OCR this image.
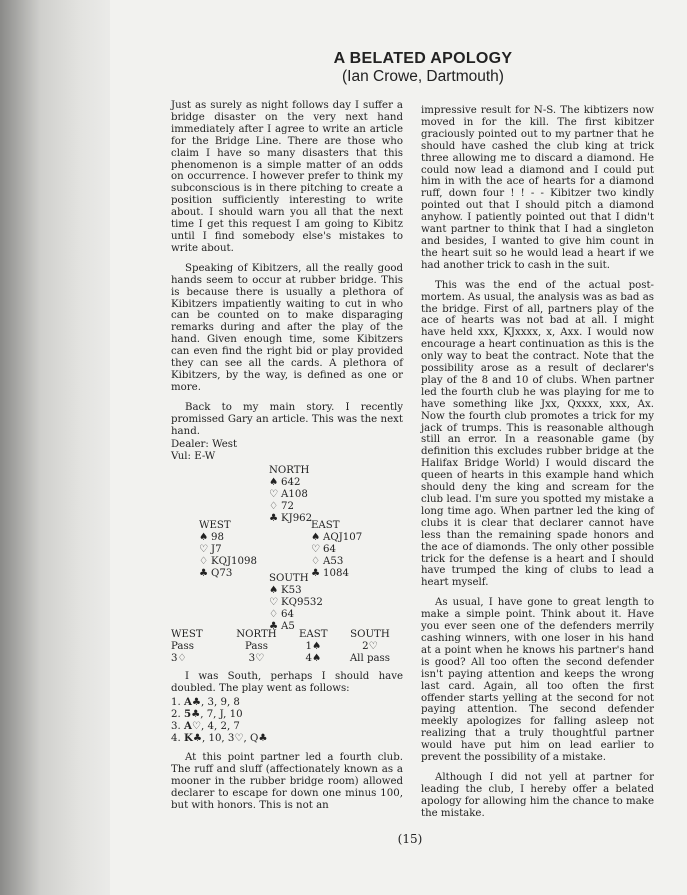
A BELATED APOLOGY
(Ian Crowe, Dartmouth)

Just as surely as night follows day I suffer a bridge disaster on the very next hand immediately after I agree to write an article for the Bridge Line. There are those who claim I have so many disasters that this phenomenon is a simple matter of an odds on occurrence. I however prefer to think my subconscious is in there pitching to create a position sufficiently interesting to write about. I should warn you all that the next time I get this request I am going to Kibitz until I find somebody else's mistakes to write about.

Speaking of Kibitzers, all the really good hands seem to occur at rubber bridge. This is because there is usually a plethora of Kibitzers impatiently waiting to cut in who can be counted on to make disparaging remarks during and after the play of the hand. Given enough time, some Kibitzers can even find the right bid or play provided they can see all the cards. A plethora of Kibitzers, by the way, is defined as one or more.

Back to my main story. I recently promissed Gary an article. This was the next hand.

Dealer: West
Vul: E-W
NORTH
♠ 642
♡ A108
♢ 72
♣ KJ962
WEST
♠ 98
♡ J7
♢ KQJ1098
♣ Q73
EAST
♠ AQJ107
♡ 64
♢ A53
♣ 1084
SOUTH
♠ K53
♡ KQ9532
♢ 64
♣ A5
WEST	NORTH	EAST	SOUTH
Pass	Pass	1♠	2♡
3♢	3♡	4♠	All pass

I was South, perhaps I should have doubled. The play went as follows:

1. A♣, 3, 9, 8
2. 5♣, 7, J, 10
3. A♡, 4, 2, 7
4. K♣, 10, 3♡, Q♣

At this point partner led a fourth club. The ruff and sluff (affectionately known as a mooner in the rubber bridge room) allowed declarer to escape for down one minus 100, but with honors. This is not an

impressive result for N-S. The kibtizers now moved in for the kill. The first kibitzer graciously pointed out to my partner that he should have cashed the club king at trick three allowing me to discard a diamond. He could now lead a diamond and I could put him in with the ace of hearts for a diamond ruff, down four ! ! - - Kibitzer two kindly pointed out that I should pitch a diamond anyhow. I patiently pointed out that I didn't want partner to think that I had a singleton and besides, I wanted to give him count in the heart suit so he would lead a heart if we had another trick to cash in the suit.

This was the end of the actual post-mortem. As usual, the analysis was as bad as the bridge. First of all, partners play of the ace of hearts was not bad at all. I might have held xxx, KJxxxx, x, Axx. I would now encourage a heart continuation as this is the only way to beat the contract. Note that the possibility arose as a result of declarer's play of the 8 and 10 of clubs. When partner led the fourth club he was playing for me to have something like Jxx, Qxxxx, xxx, Ax. Now the fourth club promotes a trick for my jack of trumps. This is reasonable although still an error. In a reasonable game (by definition this excludes rubber bridge at the Halifax Bridge World) I would discard the queen of hearts in this example hand which should deny the king and scream for the club lead. I'm sure you spotted my mistake a long time ago. When partner led the king of clubs it is clear that declarer cannot have less than the remaining spade honors and the ace of diamonds. The only other possible trick for the defense is a heart and I should have trumped the king of clubs to lead a heart myself.

As usual, I have gone to great length to make a simple point. Think about it. Have you ever seen one of the defenders merrily cashing winners, with one loser in his hand at a point when he knows his partner's hand is good? All too often the second defender isn't paying attention and keeps the wrong last card. Again, all too often the first offender starts yelling at the second for not paying attention. The second defender meekly apologizes for falling asleep not realizing that a truly thoughtful partner would have put him on lead earlier to prevent the possibility of a mistake.

Although I did not yell at partner for leading the club, I hereby offer a belated apology for allowing him the chance to make the mistake.

(15)
